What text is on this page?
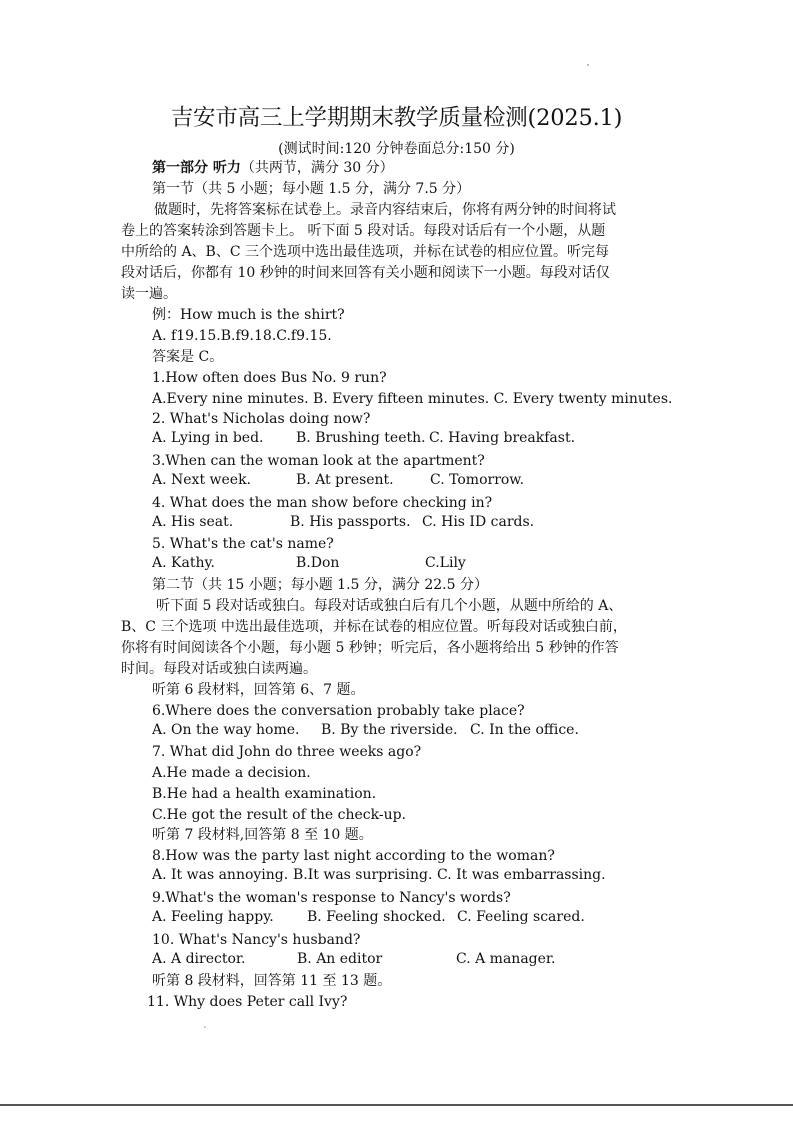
吉安市高三上学期期末教学质量检测(2025.1)
(测试时间:120 分钟卷面总分:150 分)
第一部分 听力（共两节，满分 30 分）
第一节（共 5 小题；每小题 1.5 分，满分 7.5 分）
做题时，先将答案标在试卷上。录音内容结束后，你将有两分钟的时间将试
卷上的答案转涂到答题卡上。 听下面 5 段对话。每段对话后有一个小题，从题
中所给的 A、B、C 三个选项中选出最佳选项，并标在试卷的相应位置。听完每
段对话后，你都有 10 秒钟的时间来回答有关小题和阅读下一小题。每段对话仅
读一遍。
例：How much is the shirt?
A. f19.15.B.f9.18.C.f9.15.
答案是 C。
1.How often does Bus No. 9 run?
A.Every nine minutes. B. Every fifteen minutes. C. Every twenty minutes.
2. What's Nicholas doing now?
A. Lying in bed. B. Brushing teeth. C. Having breakfast.
3.When can the woman look at the apartment?
A. Next week.	B. At present.	C. Tomorrow.
4. What does the man show before checking in?
A. His seat.	B. His passports. C. His ID cards.
5. What's the cat's name?
A. Kathy.	B.Don	C.Lily
第二节（共 15 小题；每小题 1.5 分，满分 22.5 分）
听下面 5 段对话或独白。每段对话或独白后有几个小题，从题中所给的 A、
B、C 三个选项 中选出最佳选项，并标在试卷的相应位置。听每段对话或独白前，
你将有时间阅读各个小题，每小题 5 秒钟；听完后，各小题将给出 5 秒钟的作答
时间。每段对话或独白读两遍。
听第 6 段材料，回答第 6、7 题。
6.Where does the conversation probably take place?
A. On the way home. B. By the riverside. C. In the office.
7. What did John do three weeks ago?
A.He made a decision.
B.He had a health examination.
C.He got the result of the check-up.
听第 7 段材料,回答第 8 至 10 题。
8.How was the party last night according to the woman?
A. It was annoying. B.It was surprising. C. It was embarrassing.
9.What's the woman's response to Nancy's words?
A. Feeling happy. B. Feeling shocked. C. Feeling scared.
10. What's Nancy's husband?
A. A director.	B. An editor	C. A manager.
听第 8 段材料，回答第 11 至 13 题。
11. Why does Peter call Ivy?
